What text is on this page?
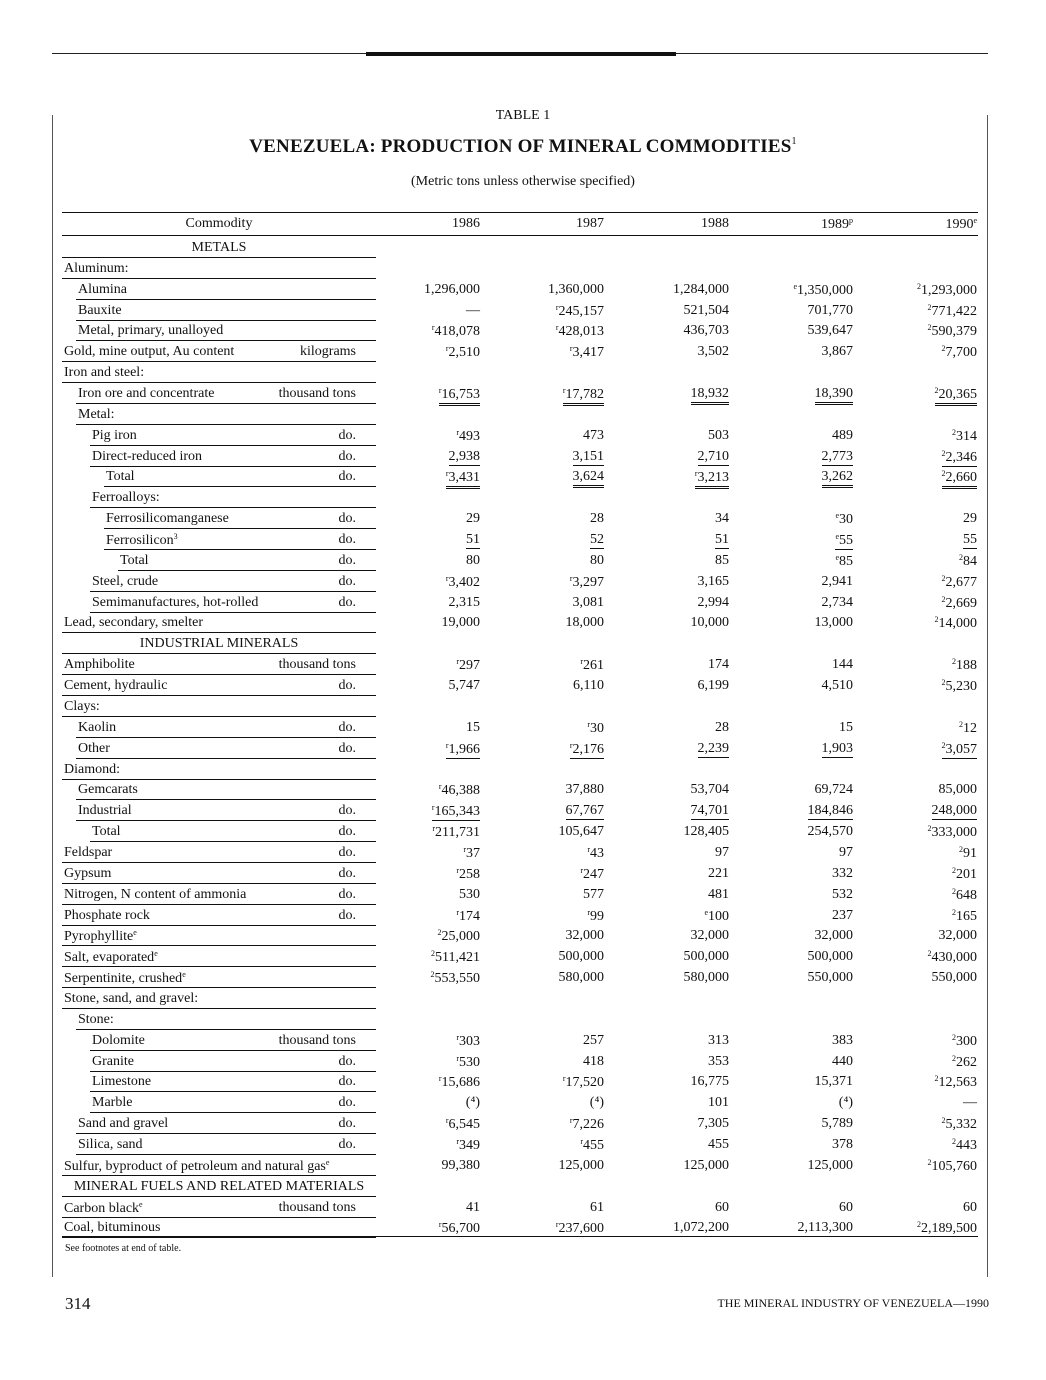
TABLE 1
VENEZUELA: PRODUCTION OF MINERAL COMMODITIES$^1$
(Metric tons unless otherwise specified)
Commodity	1986	1987	1988	1989$^p$	1990e
METALS
Aluminum:
Alumina	1,296,000	1,360,000	1,284,000	$^e$1,350,000	$^2$1,293,000
Bauxite	—	$^r$245,157	521,504	701,770	$^2$771,422
Metal, primary, unalloyed	$^r$418,078	$^r$428,013	436,703	539,647	$^2$590,379
Gold, mine output, Au content	kilograms	$^r$2,510	$^r$3,417	3,502	3,867	$^2$7,700
Iron and steel:
Iron ore and concentrate	thousand tons	$^r$16,753	$^r$17,782	18,932	18,390	$^2$20,365
Metal:
Pig iron	do.	$^r$493	473	503	489	$^2$314
Direct-reduced iron	do.	2,938	3,151	2,710	2,773	$^2$2,346
Total	do.	$^r$3,431	3,624	$^r$3,213	3,262	$^2$2,660
Ferroalloys:
Ferrosilicomanganese	do.	29	28	34	$^e$30	29
Ferrosilicon$^3$	do.	51	52	51	$^e$55	55
Total	do.	80	80	85	$^e$85	$^2$84
Steel, crude	do.	$^r$3,402	$^r$3,297	3,165	2,941	$^2$2,677
Semimanufactures, hot-rolled	do.	2,315	3,081	2,994	2,734	$^2$2,669
Lead, secondary, smelter	19,000	18,000	10,000	13,000	$^2$14,000
INDUSTRIAL MINERALS
Amphibolite	thousand tons	$^r$297	$^r$261	174	144	$^2$188
Cement, hydraulic	do.	5,747	6,110	6,199	4,510	$^2$5,230
Clays:
Kaolin	do.	15	$^r$30	28	15	$^2$12
Other	do.	$^r$1,966	$^r$2,176	2,239	1,903	$^2$3,057
Diamond:
Gemcarats	$^r$46,388	37,880	53,704	69,724	85,000
Industrial	do.	$^r$165,343	67,767	74,701	184,846	248,000
Total	do.	$^r$211,731	105,647	128,405	254,570	$^2$333,000
Feldspar	do.	$^r$37	$^r$43	97	97	$^2$91
Gypsum	do.	$^r$258	$^r$247	221	332	$^2$201
Nitrogen, N content of ammonia	do.	530	577	481	532	$^2$648
Phosphate rock	do.	$^r$174	$^r$99	$^e$100	237	$^2$165
Pyrophyllite$^e$	$^2$25,000	32,000	32,000	32,000	32,000
Salt, evaporated$^e$	$^2$511,421	500,000	500,000	500,000	$^2$430,000
Serpentinite, crushed$^e$	$^2$553,550	580,000	580,000	550,000	550,000
Stone, sand, and gravel:
Stone:
Dolomite	thousand tons	$^r$303	257	313	383	$^2$300
Granite	do.	$^r$530	418	353	440	$^2$262
Limestone	do.	$^r$15,686	$^r$17,520	16,775	15,371	$^2$12,563
Marble	do.	(⁴)	(⁴)	101	(⁴)	—
Sand and gravel	do.	$^r$6,545	$^r$7,226	7,305	5,789	$^2$5,332
Silica, sand	do.	$^r$349	$^r$455	455	378	$^2$443
Sulfur, byproduct of petroleum and natural gas$^e$	99,380	125,000	125,000	125,000	$^2$105,760
MINERAL FUELS AND RELATED MATERIALS
Carbon black$^e$	thousand tons	41	61	60	60	60
Coal, bituminous	$^r$56,700	$^r$237,600	1,072,200	2,113,300	$^2$2,189,500
See footnotes at end of table.
314	THE MINERAL INDUSTRY OF VENEZUELA—1990
